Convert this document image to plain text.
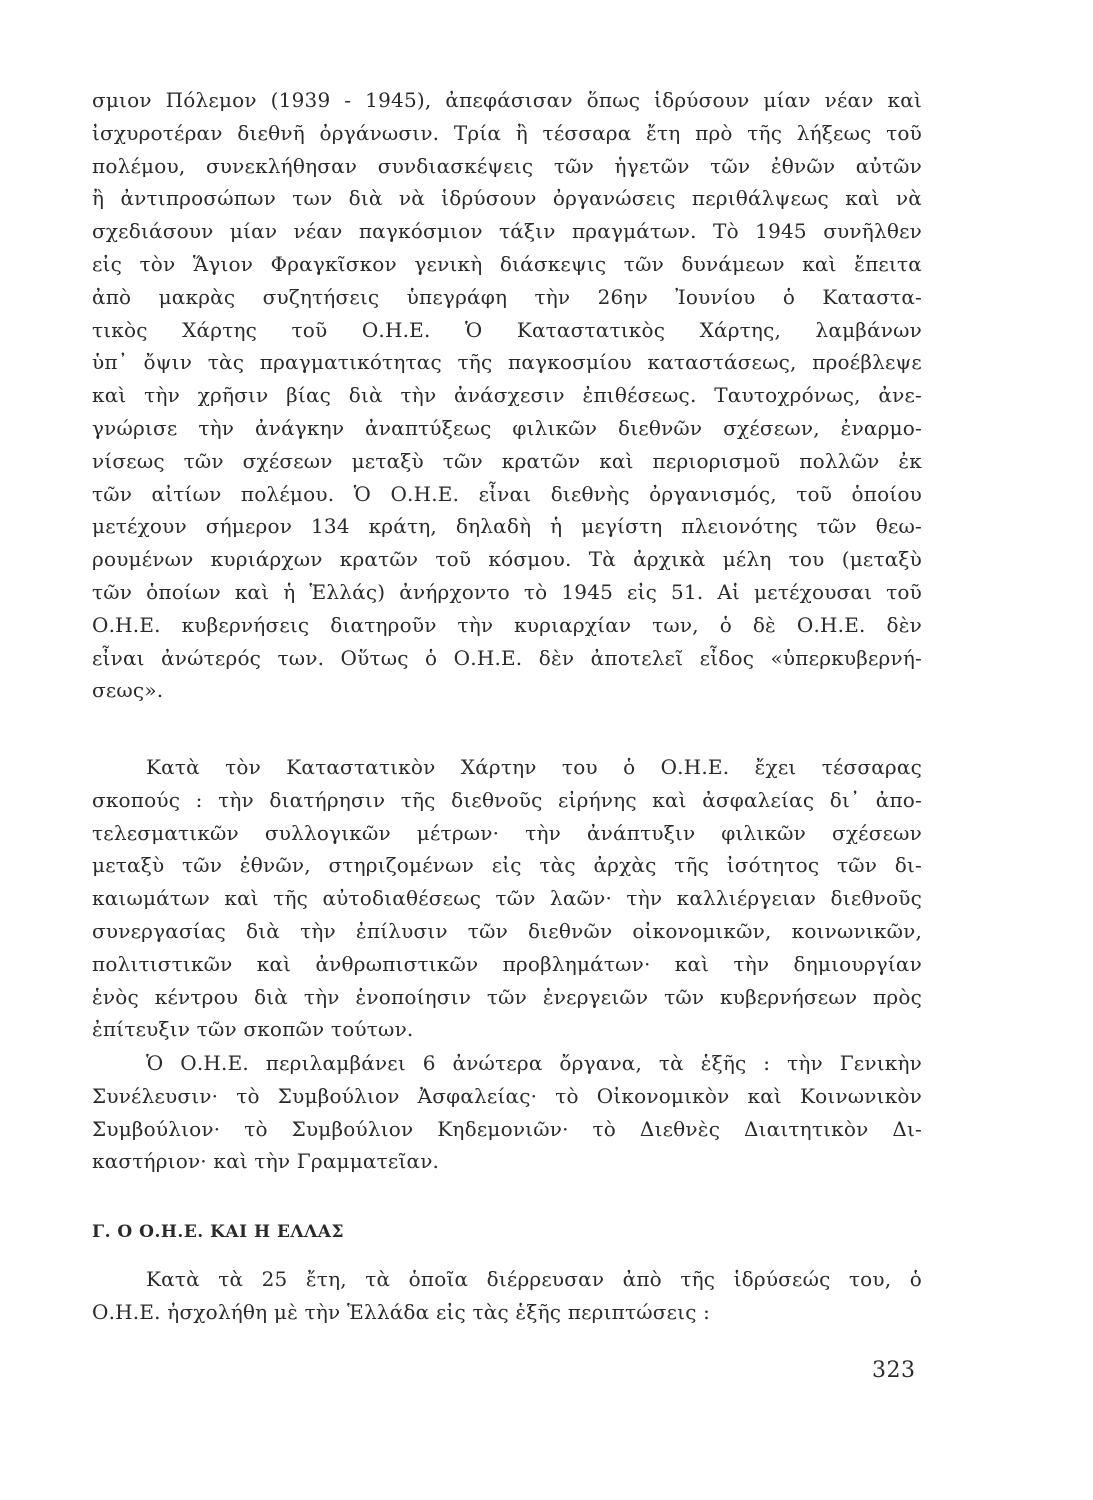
σμιον Πόλεμον (1939 - 1945), ἀπεφάσισαν ὅπως ἱδρύσουν μίαν νέαν καὶ
ἰσχυροτέραν διεθνῆ ὀργάνωσιν. Τρία ἢ τέσσαρα ἔτη πρὸ τῆς λήξεως τοῦ
πολέμου, συνεκλήθησαν συνδιασκέψεις τῶν ἡγετῶν τῶν ἐθνῶν αὐτῶν
ἢ ἀντιπροσώπων των διὰ νὰ ἱδρύσουν ὀργανώσεις περιθάλψεως καὶ νὰ
σχεδιάσουν μίαν νέαν παγκόσμιον τάξιν πραγμάτων. Τὸ 1945 συνῆλθεν
εἰς τὸν Ἅγιον Φραγκῖσκον γενικὴ διάσκεψις τῶν δυνάμεων καὶ ἔπειτα
ἀπὸ μακρὰς συζητήσεις ὑπεγράφη τὴν 26ην Ἰουνίου ὁ Καταστα-
τικὸς Χάρτης τοῦ Ο.Η.Ε. Ὁ Καταστατικὸς Χάρτης, λαμβάνων
ὑπ᾽ ὄψιν τὰς πραγματικότητας τῆς παγκοσμίου καταστάσεως, προέβλεψε
καὶ τὴν χρῆσιν βίας διὰ τὴν ἀνάσχεσιν ἐπιθέσεως. Ταυτοχρόνως, ἀνε-
γνώρισε τὴν ἀνάγκην ἀναπτύξεως φιλικῶν διεθνῶν σχέσεων, ἐναρμο-
νίσεως τῶν σχέσεων μεταξὺ τῶν κρατῶν καὶ περιορισμοῦ πολλῶν ἐκ
τῶν αἰτίων πολέμου. Ὁ Ο.Η.Ε. εἶναι διεθνὴς ὀργανισμός, τοῦ ὁποίου
μετέχουν σήμερον 134 κράτη, δηλαδὴ ἡ μεγίστη πλειονότης τῶν θεω-
ρουμένων κυριάρχων κρατῶν τοῦ κόσμου. Τὰ ἀρχικὰ μέλη του (μεταξὺ
τῶν ὁποίων καὶ ἡ Ἑλλάς) ἀνήρχοντο τὸ 1945 εἰς 51. Αἱ μετέχουσαι τοῦ
Ο.Η.Ε. κυβερνήσεις διατηροῦν τὴν κυριαρχίαν των, ὁ δὲ Ο.Η.Ε. δὲν
εἶναι ἀνώτερός των. Οὕτως ὁ Ο.Η.Ε. δὲν ἀποτελεῖ εἶδος «ὑπερκυβερνή-
σεως».
Κατὰ τὸν Καταστατικὸν Χάρτην του ὁ Ο.Η.Ε. ἔχει τέσσαρας
σκοπούς : τὴν διατήρησιν τῆς διεθνοῦς εἰρήνης καὶ ἀσφαλείας δι᾽ ἀπο-
τελεσματικῶν συλλογικῶν μέτρων· τὴν ἀνάπτυξιν φιλικῶν σχέσεων
μεταξὺ τῶν ἐθνῶν, στηριζομένων εἰς τὰς ἀρχὰς τῆς ἰσότητος τῶν δι-
καιωμάτων καὶ τῆς αὐτοδιαθέσεως τῶν λαῶν· τὴν καλλιέργειαν διεθνοῦς
συνεργασίας διὰ τὴν ἐπίλυσιν τῶν διεθνῶν οἰκονομικῶν, κοινωνικῶν,
πολιτιστικῶν καὶ ἀνθρωπιστικῶν προβλημάτων· καὶ τὴν δημιουργίαν
ἑνὸς κέντρου διὰ τὴν ἑνοποίησιν τῶν ἐνεργειῶν τῶν κυβερνήσεων πρὸς
ἐπίτευξιν τῶν σκοπῶν τούτων.
Ὁ Ο.Η.Ε. περιλαμβάνει 6 ἀνώτερα ὄργανα, τὰ ἑξῆς : τὴν Γενικὴν
Συνέλευσιν· τὸ Συμβούλιον Ἀσφαλείας· τὸ Οἰκονομικὸν καὶ Κοινωνικὸν
Συμβούλιον· τὸ Συμβούλιον Κηδεμονιῶν· τὸ Διεθνὲς Διαιτητικὸν Δι-
καστήριον· καὶ τὴν Γραμματεῖαν.
Γ. Ο Ο.Η.Ε. ΚΑΙ Η ΕΛΛΑΣ
Κατὰ τὰ 25 ἔτη, τὰ ὁποῖα διέρρευσαν ἀπὸ τῆς ἱδρύσεώς του, ὁ
Ο.Η.Ε. ἠσχολήθη μὲ τὴν Ἑλλάδα εἰς τὰς ἑξῆς περιπτώσεις :
323
